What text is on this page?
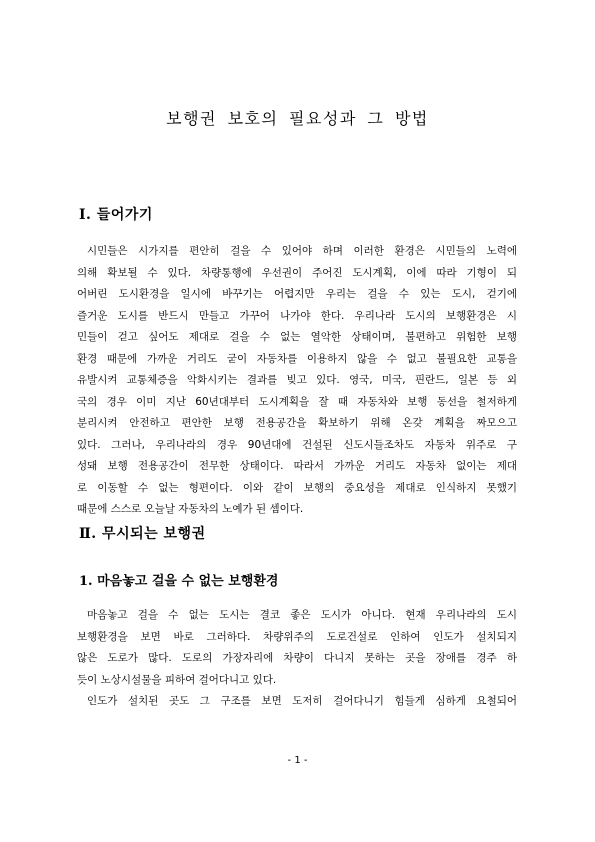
보행권 보호의 필요성과 그 방법
Ⅰ. 들어가기
시민들은 시가지를 편안히 걸을 수 있어야 하며 이러한 환경은 시민들의 노력에
의해 확보될 수 있다. 차량통행에 우선권이 주어진 도시계획, 이에 따라 기형이 되
어버린 도시환경을 일시에 바꾸기는 어렵지만 우리는 걸을 수 있는 도시, 걷기에
즐거운 도시를 반드시 만들고 가꾸어 나가야 한다. 우리나라 도시의 보행환경은 시
민들이 걷고 싶어도 제대로 걸을 수 없는 열악한 상태이며, 불편하고 위험한 보행
환경 때문에 가까운 거리도 굳이 자동차를 이용하지 않을 수 없고 불필요한 교통을
유발시켜 교통체증을 악화시키는 결과를 빚고 있다. 영국, 미국, 핀란드, 일본 등 외
국의 경우 이미 지난 60년대부터 도시계획을 잘 때 자동차와 보행 동선을 철저하게
분리시켜 안전하고 편안한 보행 전용공간을 확보하기 위해 온갖 계획을 짜모으고
있다. 그러나, 우리나라의 경우 90년대에 건설된 신도시들조차도 자동차 위주로 구
성돼 보행 전용공간이 전무한 상태이다. 따라서 가까운 거리도 자동차 없이는 제대
로 이동할 수 없는 형편이다. 이와 같이 보행의 중요성을 제대로 인식하지 못했기
때문에 스스로 오늘날 자동차의 노예가 된 셈이다.
Ⅱ. 무시되는 보행권
1. 마음놓고 걸을 수 없는 보행환경
마음놓고 걸을 수 없는 도시는 결코 좋은 도시가 아니다. 현재 우리나라의 도시
보행환경을 보면 바로 그러하다. 차량위주의 도로건설로 인하여 인도가 설치되지
않은 도로가 많다. 도로의 가장자리에 차량이 다니지 못하는 곳을 장애를 경주 하
듯이 노상시설물을 피하여 걸어다니고 있다.
인도가 설치된 곳도 그 구조를 보면 도저히 걸어다니기 힘들게 심하게 요철되어

- 1 -
